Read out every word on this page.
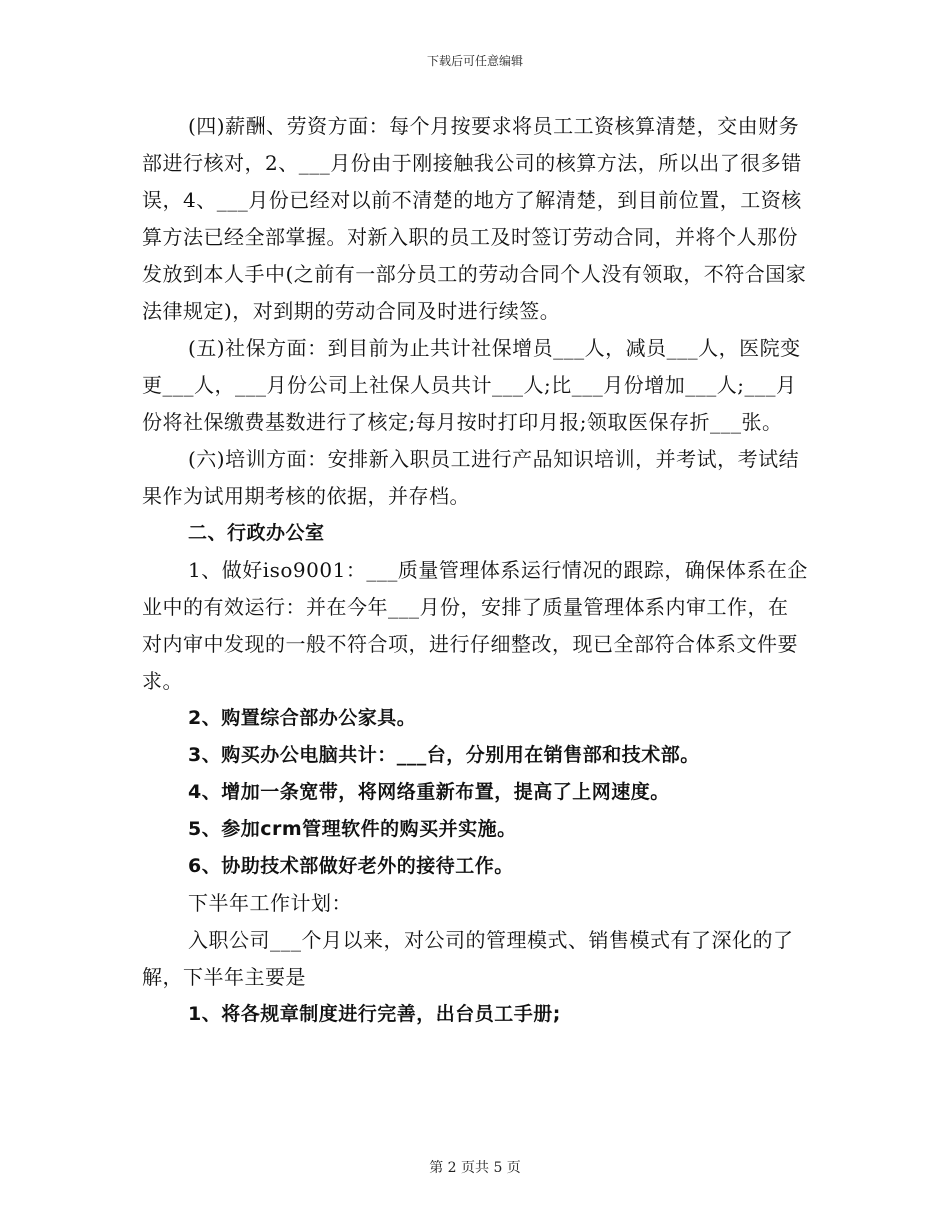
下载后可任意编辑

(四)薪酬、劳资方面：每个月按要求将员工工资核算清楚，交由财务部进行核对，2、___月份由于刚接触我公司的核算方法，所以出了很多错误，4、___月份已经对以前不清楚的地方了解清楚，到目前位置，工资核算方法已经全部掌握。对新入职的员工及时签订劳动合同，并将个人那份发放到本人手中(之前有一部分员工的劳动合同个人没有领取，不符合国家法律规定)，对到期的劳动合同及时进行续签。

(五)社保方面：到目前为止共计社保增员___人，减员___人，医院变更___人，___月份公司上社保人员共计___人;比___月份增加___人;___月份将社保缴费基数进行了核定;每月按时打印月报;领取医保存折___张。

(六)培训方面：安排新入职员工进行产品知识培训，并考试，考试结果作为试用期考核的依据，并存档。

二、行政办公室

1、做好iso9001：___质量管理体系运行情况的跟踪，确保体系在企业中的有效运行：并在今年___月份，安排了质量管理体系内审工作，在对内审中发现的一般不符合项，进行仔细整改，现已全部符合体系文件要求。

2、购置综合部办公家具。

3、购买办公电脑共计：___台，分别用在销售部和技术部。

4、增加一条宽带，将网络重新布置，提高了上网速度。

5、参加crm管理软件的购买并实施。

6、协助技术部做好老外的接待工作。

下半年工作计划：

入职公司___个月以来，对公司的管理模式、销售模式有了深化的了解，下半年主要是

1、将各规章制度进行完善，出台员工手册;

第 2 页共 5 页
